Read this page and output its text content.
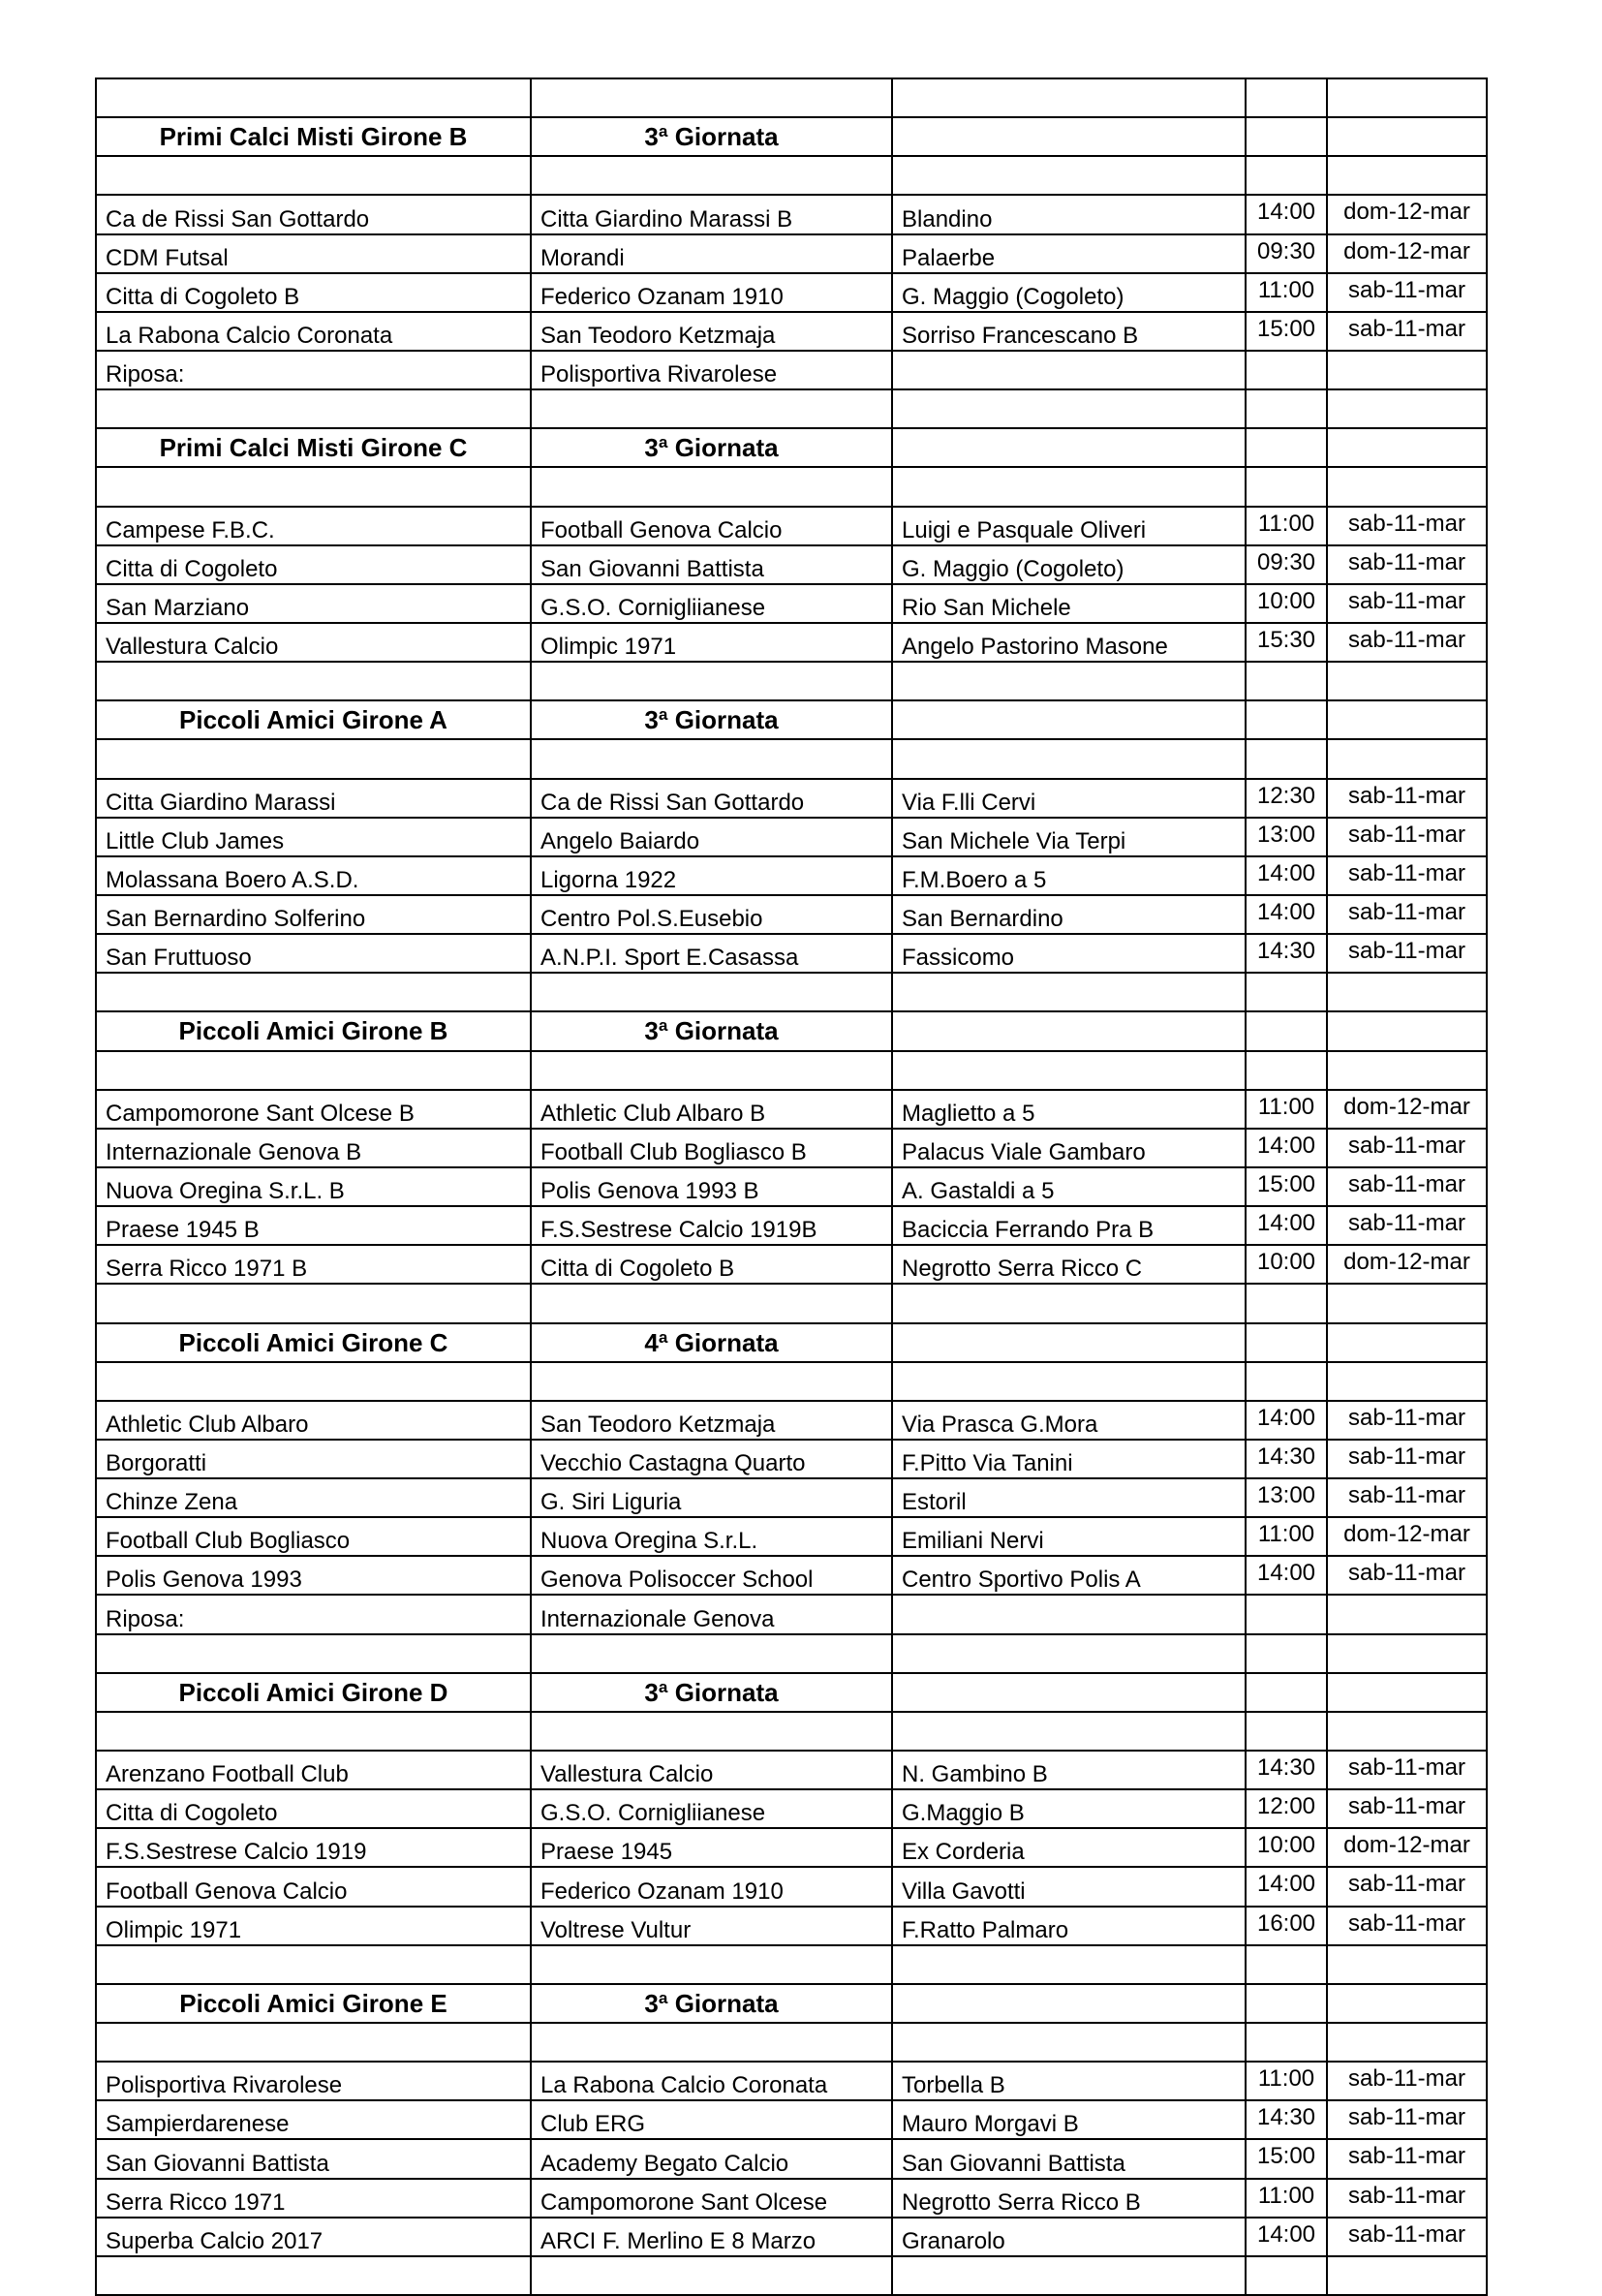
Primi Calci Misti Girone B	3ª Giornata			

Ca de Rissi San Gottardo	Citta Giardino Marassi B	Blandino	14:00	dom-12-mar
CDM Futsal	Morandi	Palaerbe	09:30	dom-12-mar
Citta di Cogoleto B	Federico Ozanam 1910	G. Maggio (Cogoleto)	11:00	sab-11-mar
La Rabona Calcio Coronata	San Teodoro Ketzmaja	Sorriso Francescano B	15:00	sab-11-mar
Riposa:	Polisportiva Rivarolese			

Primi Calci Misti Girone C	3ª Giornata			

Campese F.B.C.	Football Genova Calcio	Luigi e Pasquale Oliveri	11:00	sab-11-mar
Citta di Cogoleto	San Giovanni Battista	G. Maggio (Cogoleto)	09:30	sab-11-mar
San Marziano	G.S.O. Cornigliianese	Rio San Michele	10:00	sab-11-mar
Vallestura Calcio	Olimpic 1971	Angelo Pastorino Masone	15:30	sab-11-mar

Piccoli Amici Girone A	3ª Giornata			

Citta Giardino Marassi	Ca de Rissi San Gottardo	Via F.lli Cervi	12:30	sab-11-mar
Little Club James	Angelo Baiardo	San Michele Via Terpi	13:00	sab-11-mar
Molassana Boero A.S.D.	Ligorna 1922	F.M.Boero a 5	14:00	sab-11-mar
San Bernardino Solferino	Centro Pol.S.Eusebio	San Bernardino	14:00	sab-11-mar
San Fruttuoso	A.N.P.I. Sport E.Casassa	Fassicomo	14:30	sab-11-mar

Piccoli Amici Girone B	3ª Giornata			

Campomorone Sant Olcese B	Athletic Club Albaro B	Maglietto a 5	11:00	dom-12-mar
Internazionale Genova B	Football Club Bogliasco B	Palacus Viale Gambaro	14:00	sab-11-mar
Nuova Oregina S.r.L. B	Polis Genova 1993 B	A. Gastaldi a 5	15:00	sab-11-mar
Praese 1945 B	F.S.Sestrese Calcio 1919B	Baciccia Ferrando Pra B	14:00	sab-11-mar
Serra Ricco 1971 B	Citta di Cogoleto B	Negrotto Serra Ricco C	10:00	dom-12-mar

Piccoli Amici Girone C	4ª Giornata			

Athletic Club Albaro	San Teodoro Ketzmaja	Via Prasca G.Mora	14:00	sab-11-mar
Borgoratti	Vecchio Castagna Quarto	F.Pitto Via Tanini	14:30	sab-11-mar
Chinze Zena	G. Siri Liguria	Estoril	13:00	sab-11-mar
Football Club Bogliasco	Nuova Oregina S.r.L.	Emiliani Nervi	11:00	dom-12-mar
Polis Genova 1993	Genova Polisoccer School	Centro Sportivo Polis A	14:00	sab-11-mar
Riposa:	Internazionale Genova			

Piccoli Amici Girone D	3ª Giornata			

Arenzano Football Club	Vallestura Calcio	N. Gambino B	14:30	sab-11-mar
Citta di Cogoleto	G.S.O. Cornigliianese	G.Maggio B	12:00	sab-11-mar
F.S.Sestrese Calcio 1919	Praese 1945	Ex Corderia	10:00	dom-12-mar
Football Genova Calcio	Federico Ozanam 1910	Villa Gavotti	14:00	sab-11-mar
Olimpic 1971	Voltrese Vultur	F.Ratto Palmaro	16:00	sab-11-mar

Piccoli Amici Girone E	3ª Giornata			

Polisportiva Rivarolese	La Rabona Calcio Coronata	Torbella B	11:00	sab-11-mar
Sampierdarenese	Club ERG	Mauro Morgavi B	14:30	sab-11-mar
San Giovanni Battista	Academy Begato Calcio	San Giovanni Battista	15:00	sab-11-mar
Serra Ricco 1971	Campomorone Sant Olcese	Negrotto Serra Ricco B	11:00	sab-11-mar
Superba Calcio 2017	ARCI F. Merlino E 8 Marzo	Granarolo	14:00	sab-11-mar
